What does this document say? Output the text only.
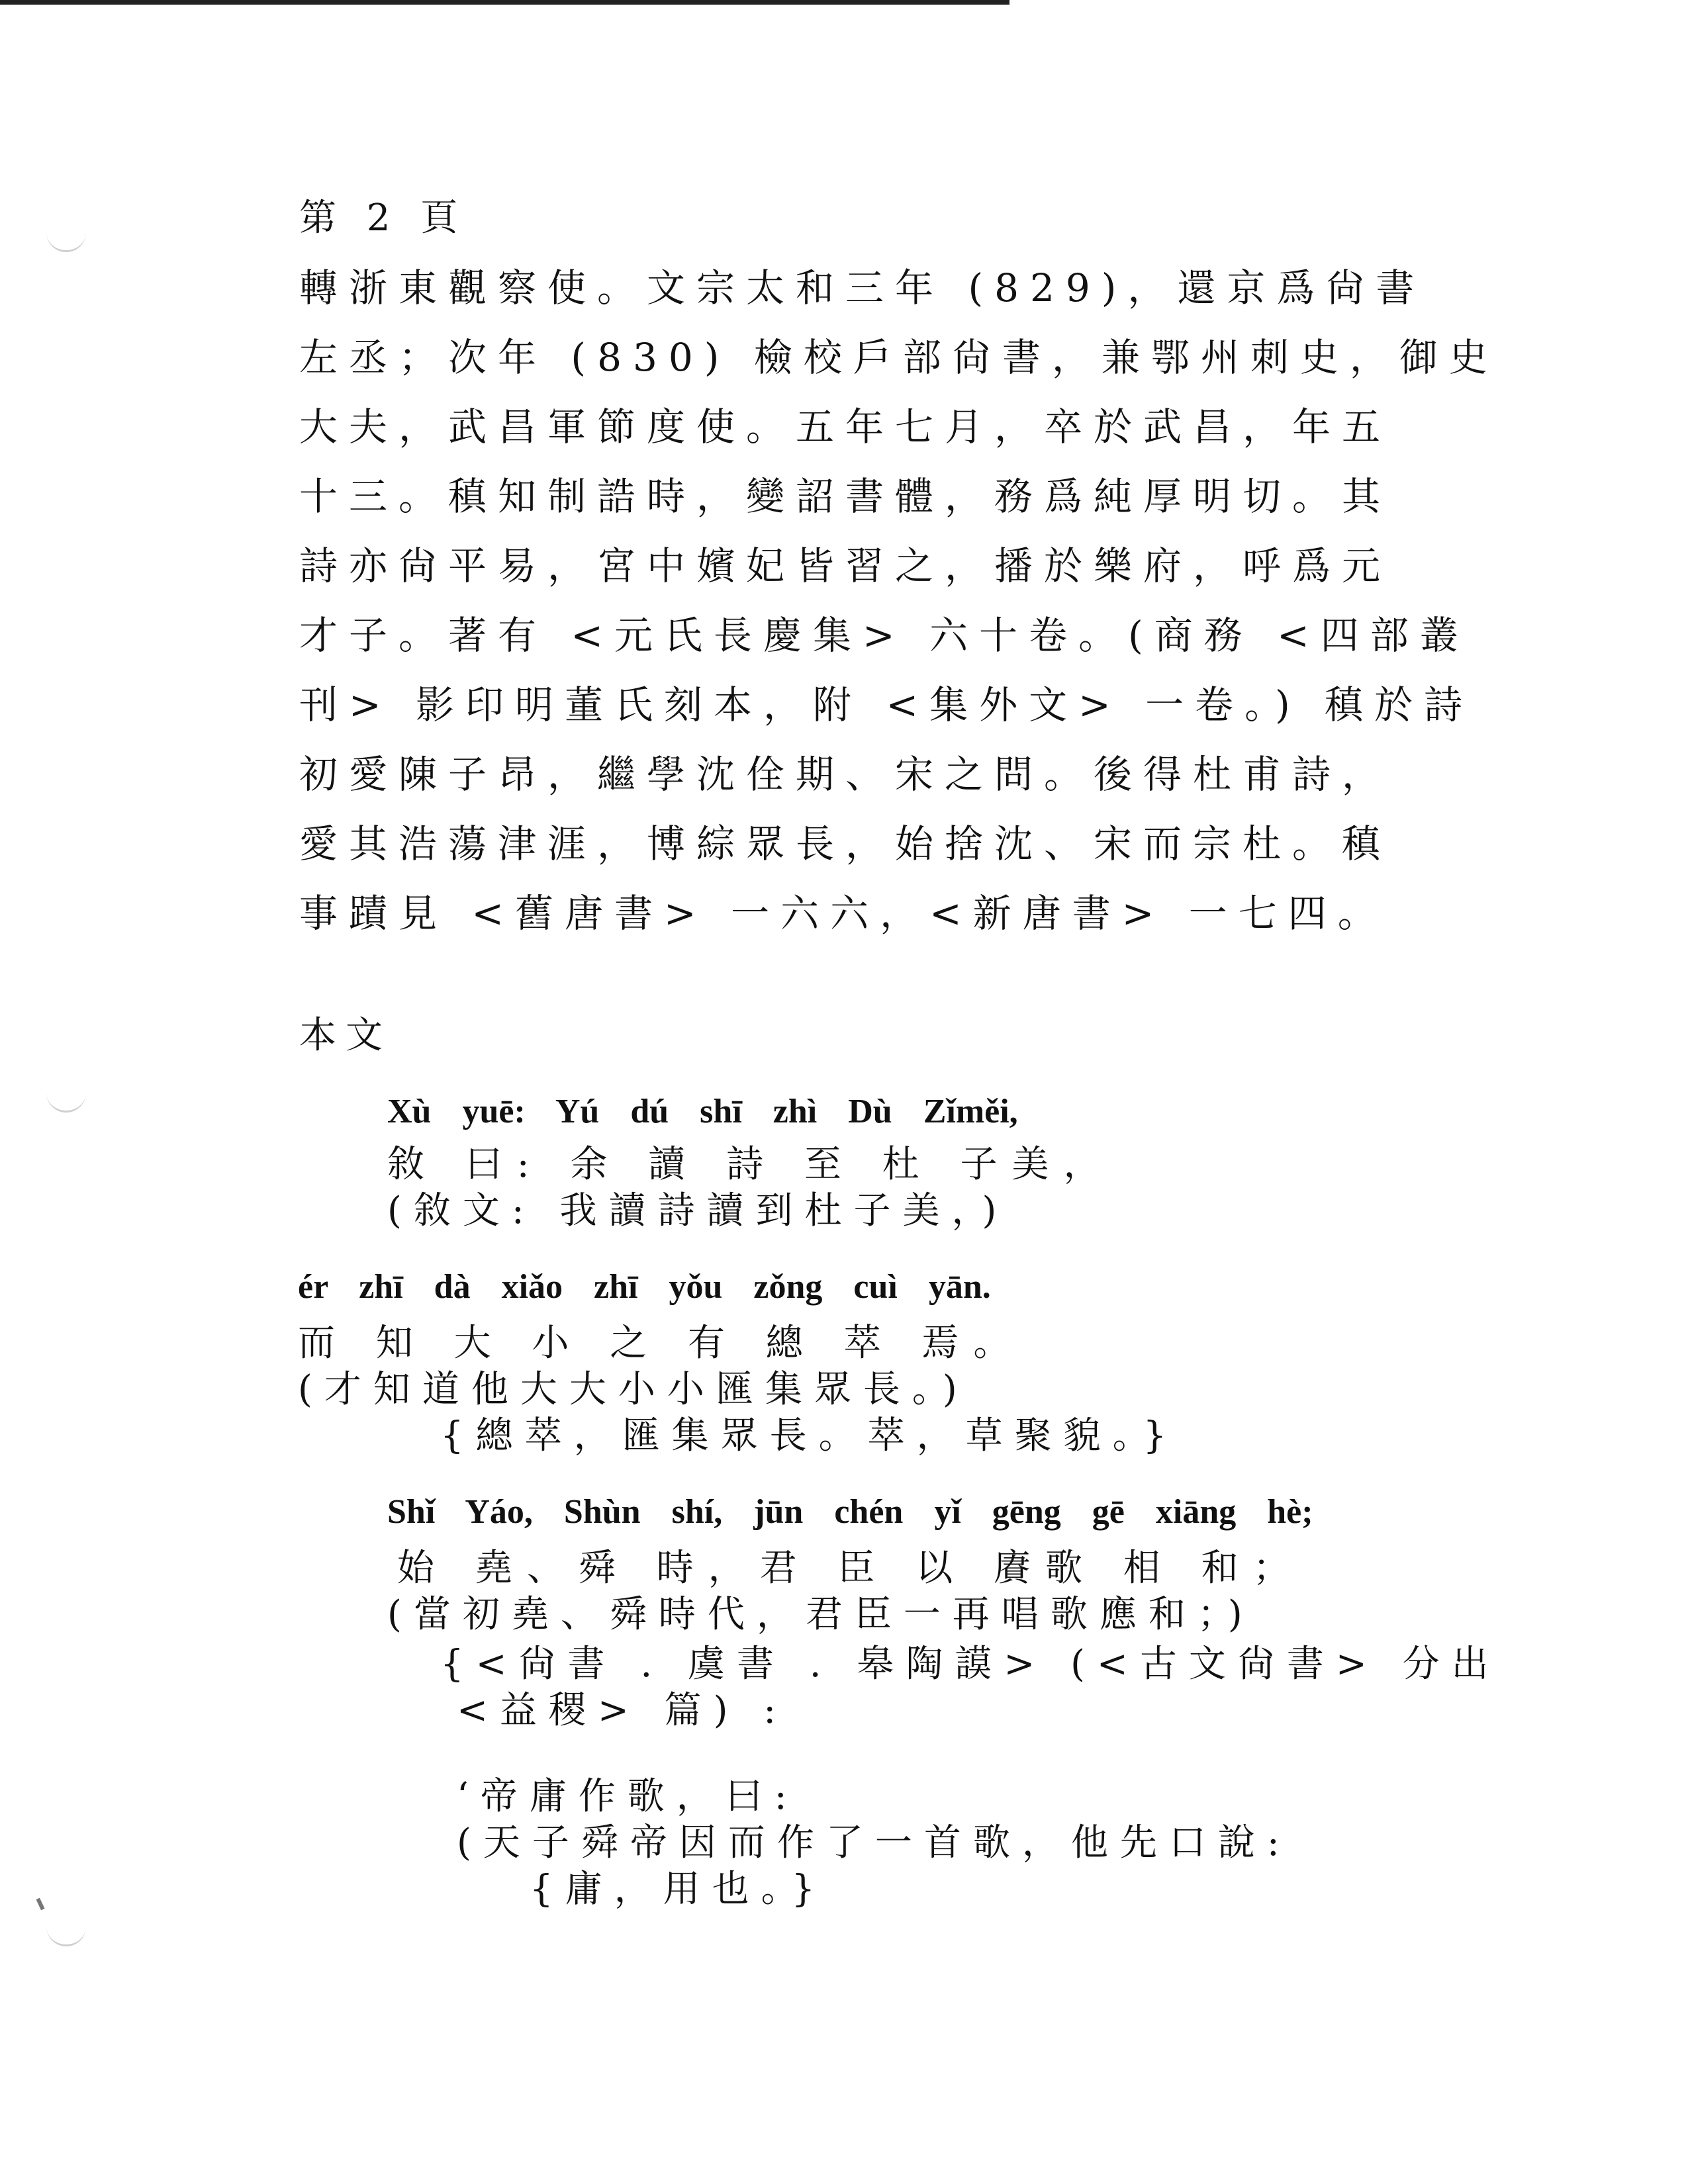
第 2 頁
轉浙東觀察使。文宗太和三年 (829)，還京爲尙書
左丞；次年 (830) 檢校戶部尙書，兼鄂州刺史，御史
大夫，武昌軍節度使。五年七月，卒於武昌，年五
十三。稹知制誥時，變詔書體，務爲純厚明切。其
詩亦尙平易，宮中嬪妃皆習之，播於樂府，呼爲元
才子。著有 <元氏長慶集> 六十卷。(商務 <四部叢
刊> 影印明董氏刻本，附 <集外文> 一卷。) 稹於詩
初愛陳子昂，繼學沈佺期、宋之問。後得杜甫詩，
愛其浩蕩津涯，博綜眾長，始捨沈、宋而宗杜。稹
事蹟見 <舊唐書> 一六六，<新唐書> 一七四。
本文
Xù yuē: Yú dú shī zhì Dù Zǐměi,
敘 曰: 余 讀 詩 至 杜 子美，
(敘文: 我讀詩讀到杜子美，)
ér zhī dà xiǎo zhī yǒu zǒng cuì yān.
而 知 大 小 之 有 總 萃 焉。
(才知道他大大小小匯集眾長。)
{總萃，匯集眾長。萃，草聚貌。}
Shǐ Yáo, Shùn shí, jūn chén yǐ gēng gē xiāng hè;
始 堯、舜 時，君 臣 以 賡歌 相 和；
(當初堯、舜時代，君臣一再唱歌應和；)
{<尙書 . 虞書 . 皋陶謨> (<古文尙書> 分出
<益稷> 篇) :
‘帝庸作歌，曰:
(天子舜帝因而作了一首歌，他先口說:
{庸，用也。}
